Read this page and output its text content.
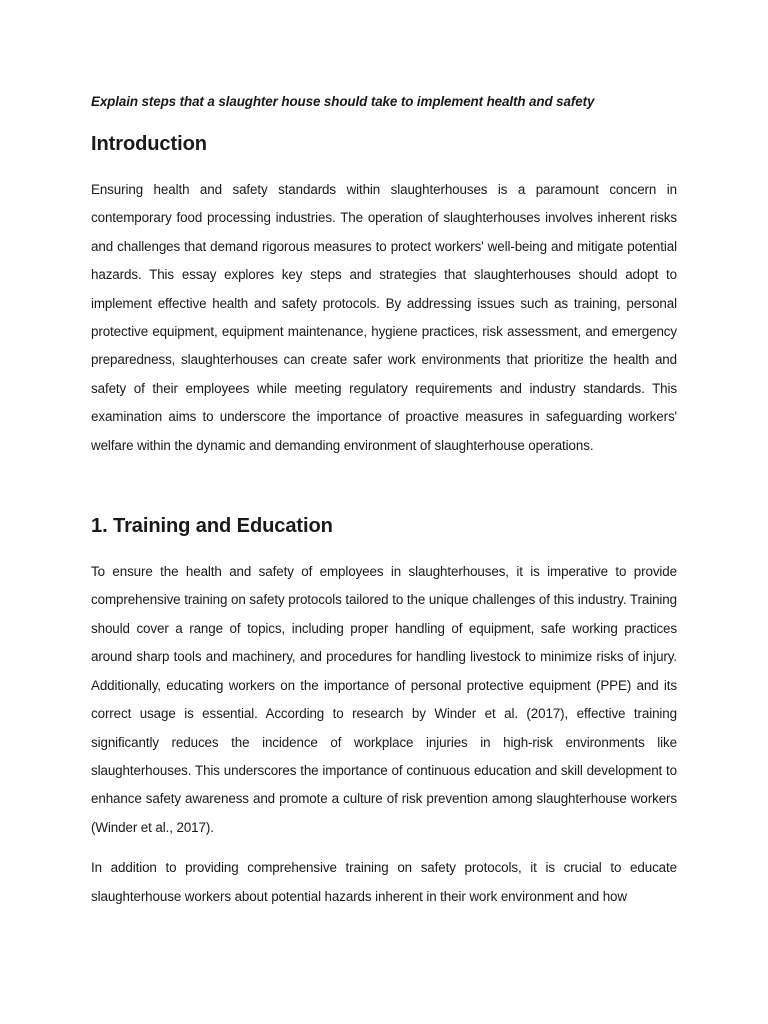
Explain steps that a slaughter house should take to implement health and safety

Introduction

Ensuring health and safety standards within slaughterhouses is a paramount concern in contemporary food processing industries. The operation of slaughterhouses involves inherent risks and challenges that demand rigorous measures to protect workers' well-being and mitigate potential hazards. This essay explores key steps and strategies that slaughterhouses should adopt to implement effective health and safety protocols. By addressing issues such as training, personal protective equipment, equipment maintenance, hygiene practices, risk assessment, and emergency preparedness, slaughterhouses can create safer work environments that prioritize the health and safety of their employees while meeting regulatory requirements and industry standards. This examination aims to underscore the importance of proactive measures in safeguarding workers' welfare within the dynamic and demanding environment of slaughterhouse operations.

1. Training and Education

To ensure the health and safety of employees in slaughterhouses, it is imperative to provide comprehensive training on safety protocols tailored to the unique challenges of this industry. Training should cover a range of topics, including proper handling of equipment, safe working practices around sharp tools and machinery, and procedures for handling livestock to minimize risks of injury. Additionally, educating workers on the importance of personal protective equipment (PPE) and its correct usage is essential. According to research by Winder et al. (2017), effective training significantly reduces the incidence of workplace injuries in high-risk environments like slaughterhouses. This underscores the importance of continuous education and skill development to enhance safety awareness and promote a culture of risk prevention among slaughterhouse workers (Winder et al., 2017).

In addition to providing comprehensive training on safety protocols, it is crucial to educate slaughterhouse workers about potential hazards inherent in their work environment and how
